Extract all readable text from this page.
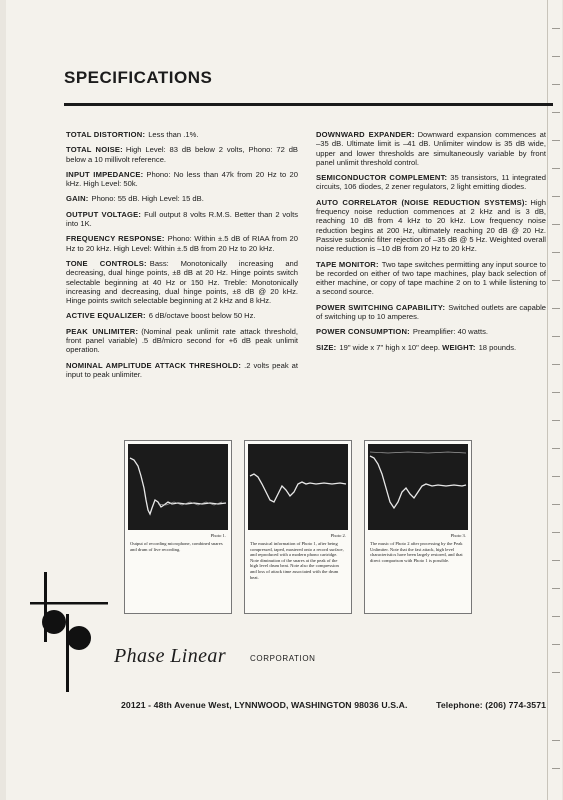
SPECIFICATIONS

TOTAL DISTORTION: Less than .1%.

TOTAL NOISE: High Level: 83 dB below 2 volts, Phono: 72 dB below a 10 millivolt reference.

INPUT IMPEDANCE: Phono: No less than 47k from 20 Hz to 20 kHz. High Level: 50k.

GAIN: Phono: 55 dB. High Level: 15 dB.

OUTPUT VOLTAGE: Full output 8 volts R.M.S. Better than 2 volts into 1K.

FREQUENCY RESPONSE: Phono: Within ±.5 dB of RIAA from 20 Hz to 20 kHz. High Level: Within ±.5 dB from 20 Hz to 20 kHz.

TONE CONTROLS: Bass: Monotonically increasing and decreasing, dual hinge points, ±8 dB at 20 Hz. Hinge points switch selectable beginning at 40 Hz or 150 Hz. Treble: Monotonically increasing and decreasing, dual hinge points, ±8 dB @ 20 kHz. Hinge points switch selectable beginning at 2 kHz and 8 kHz.

ACTIVE EQUALIZER: 6 dB/octave boost below 50 Hz.

PEAK UNLIMITER: (Nominal peak unlimit rate attack threshold, front panel variable) .5 dB/micro second for +6 dB peak unlimit operation.

NOMINAL AMPLITUDE ATTACK THRESHOLD: .2 volts peak at input to peak unlimiter.

DOWNWARD EXPANDER: Downward expansion commences at –35 dB. Ultimate limit is –41 dB. Unlimiter window is 35 dB wide, upper and lower thresholds are simultaneously variable by front panel unlimit threshold control.

SEMICONDUCTOR COMPLEMENT: 35 transistors, 11 integrated circuits, 106 diodes, 2 zener regulators, 2 light emitting diodes.

AUTO CORRELATOR (NOISE REDUCTION SYSTEMS): High frequency noise reduction commences at 2 kHz and is 3 dB, reaching 10 dB from 4 kHz to 20 kHz. Low frequency noise reduction begins at 200 Hz, ultimately reaching 20 dB @ 20 Hz. Passive subsonic filter rejection of –35 dB @ 5 Hz. Weighted overall noise reduction is –10 dB from 20 Hz to 20 kHz.

TAPE MONITOR: Two tape switches permitting any input source to be recorded on either of two tape machines, play back selection of either machine, or copy of tape machine 2 on to 1 while listening to a second source.

POWER SWITCHING CAPABILITY: Switched outlets are capable of switching up to 10 amperes.

POWER CONSUMPTION: Preamplifier: 40 watts.

SIZE: 19" wide x 7" high x 10" deep. WEIGHT: 18 pounds.

Photo 1.

Output of recording microphone, combined snares and drum of live recording.

Photo 2.

The musical information of Photo 1, after being compressed, taped, mastered onto a record surface, and reproduced with a modern phono cartridge. Note diminution of the snares at the peak of the high level drum beat. Note also the compression and loss of attack time associated with the drum beat.

Photo 3.

The music of Photo 2 after processing by the Peak Unlimiter. Note that the fast attack, high level characteristics have been largely restored, and that direct comparison with Photo 1 is possible.

Phase Linear	CORPORATION
20121 - 48th Avenue West, LYNNWOOD, WASHINGTON 98036 U.S.A.	Telephone: (206) 774-3571
